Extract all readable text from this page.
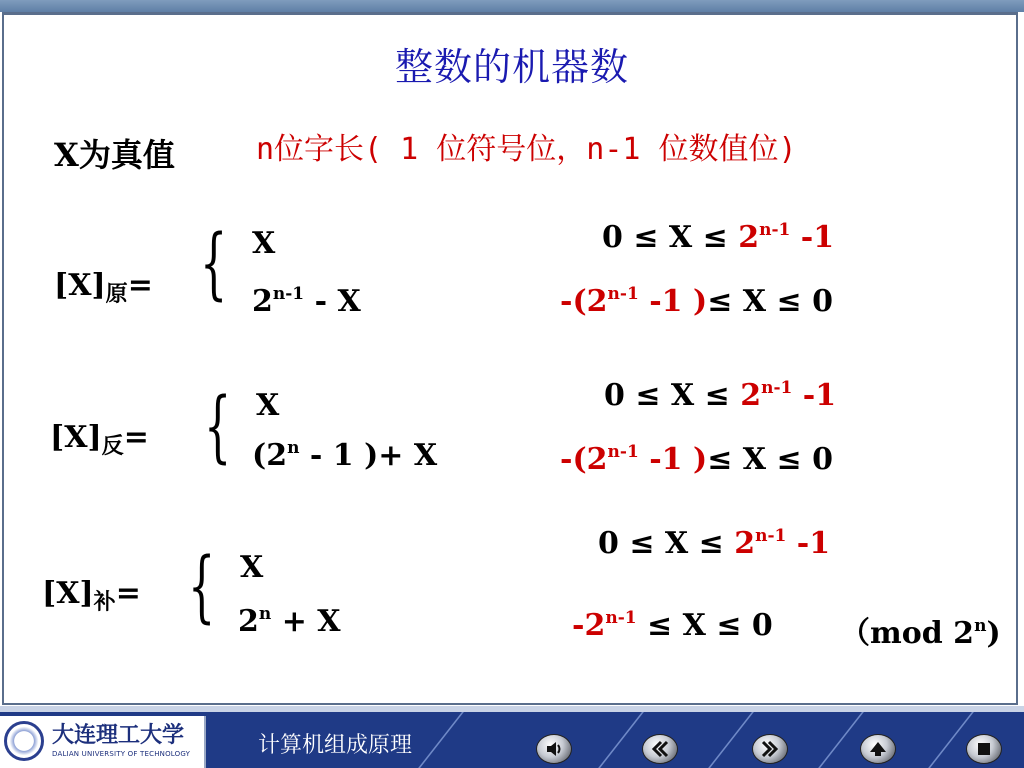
整数的机器数
X为真值	n位字长( 1 位符号位，n-1 位数值位)
$[X]_原=$ { X
2$^{n-1}$ - X
$0 \le X \le 2^{n-1}$ -1
-(2$^{n-1}$ -1 )≤ X ≤ 0
$[X]_反=$ { X
(2$^n$ - 1 )+ X
$0 \le X \le 2^{n-1}$ -1
-(2$^{n-1}$ -1 )≤ X ≤ 0
$[X]_补=$ { X
$2^n + X$
$0 \le X \le 2^{n-1}$ -1
$-2^{n-1} \le X \le 0$ （mod 2$^n$)
大连理工大学
DALIAN UNIVERSITY OF TECHNOLOGY	计算机组成原理
